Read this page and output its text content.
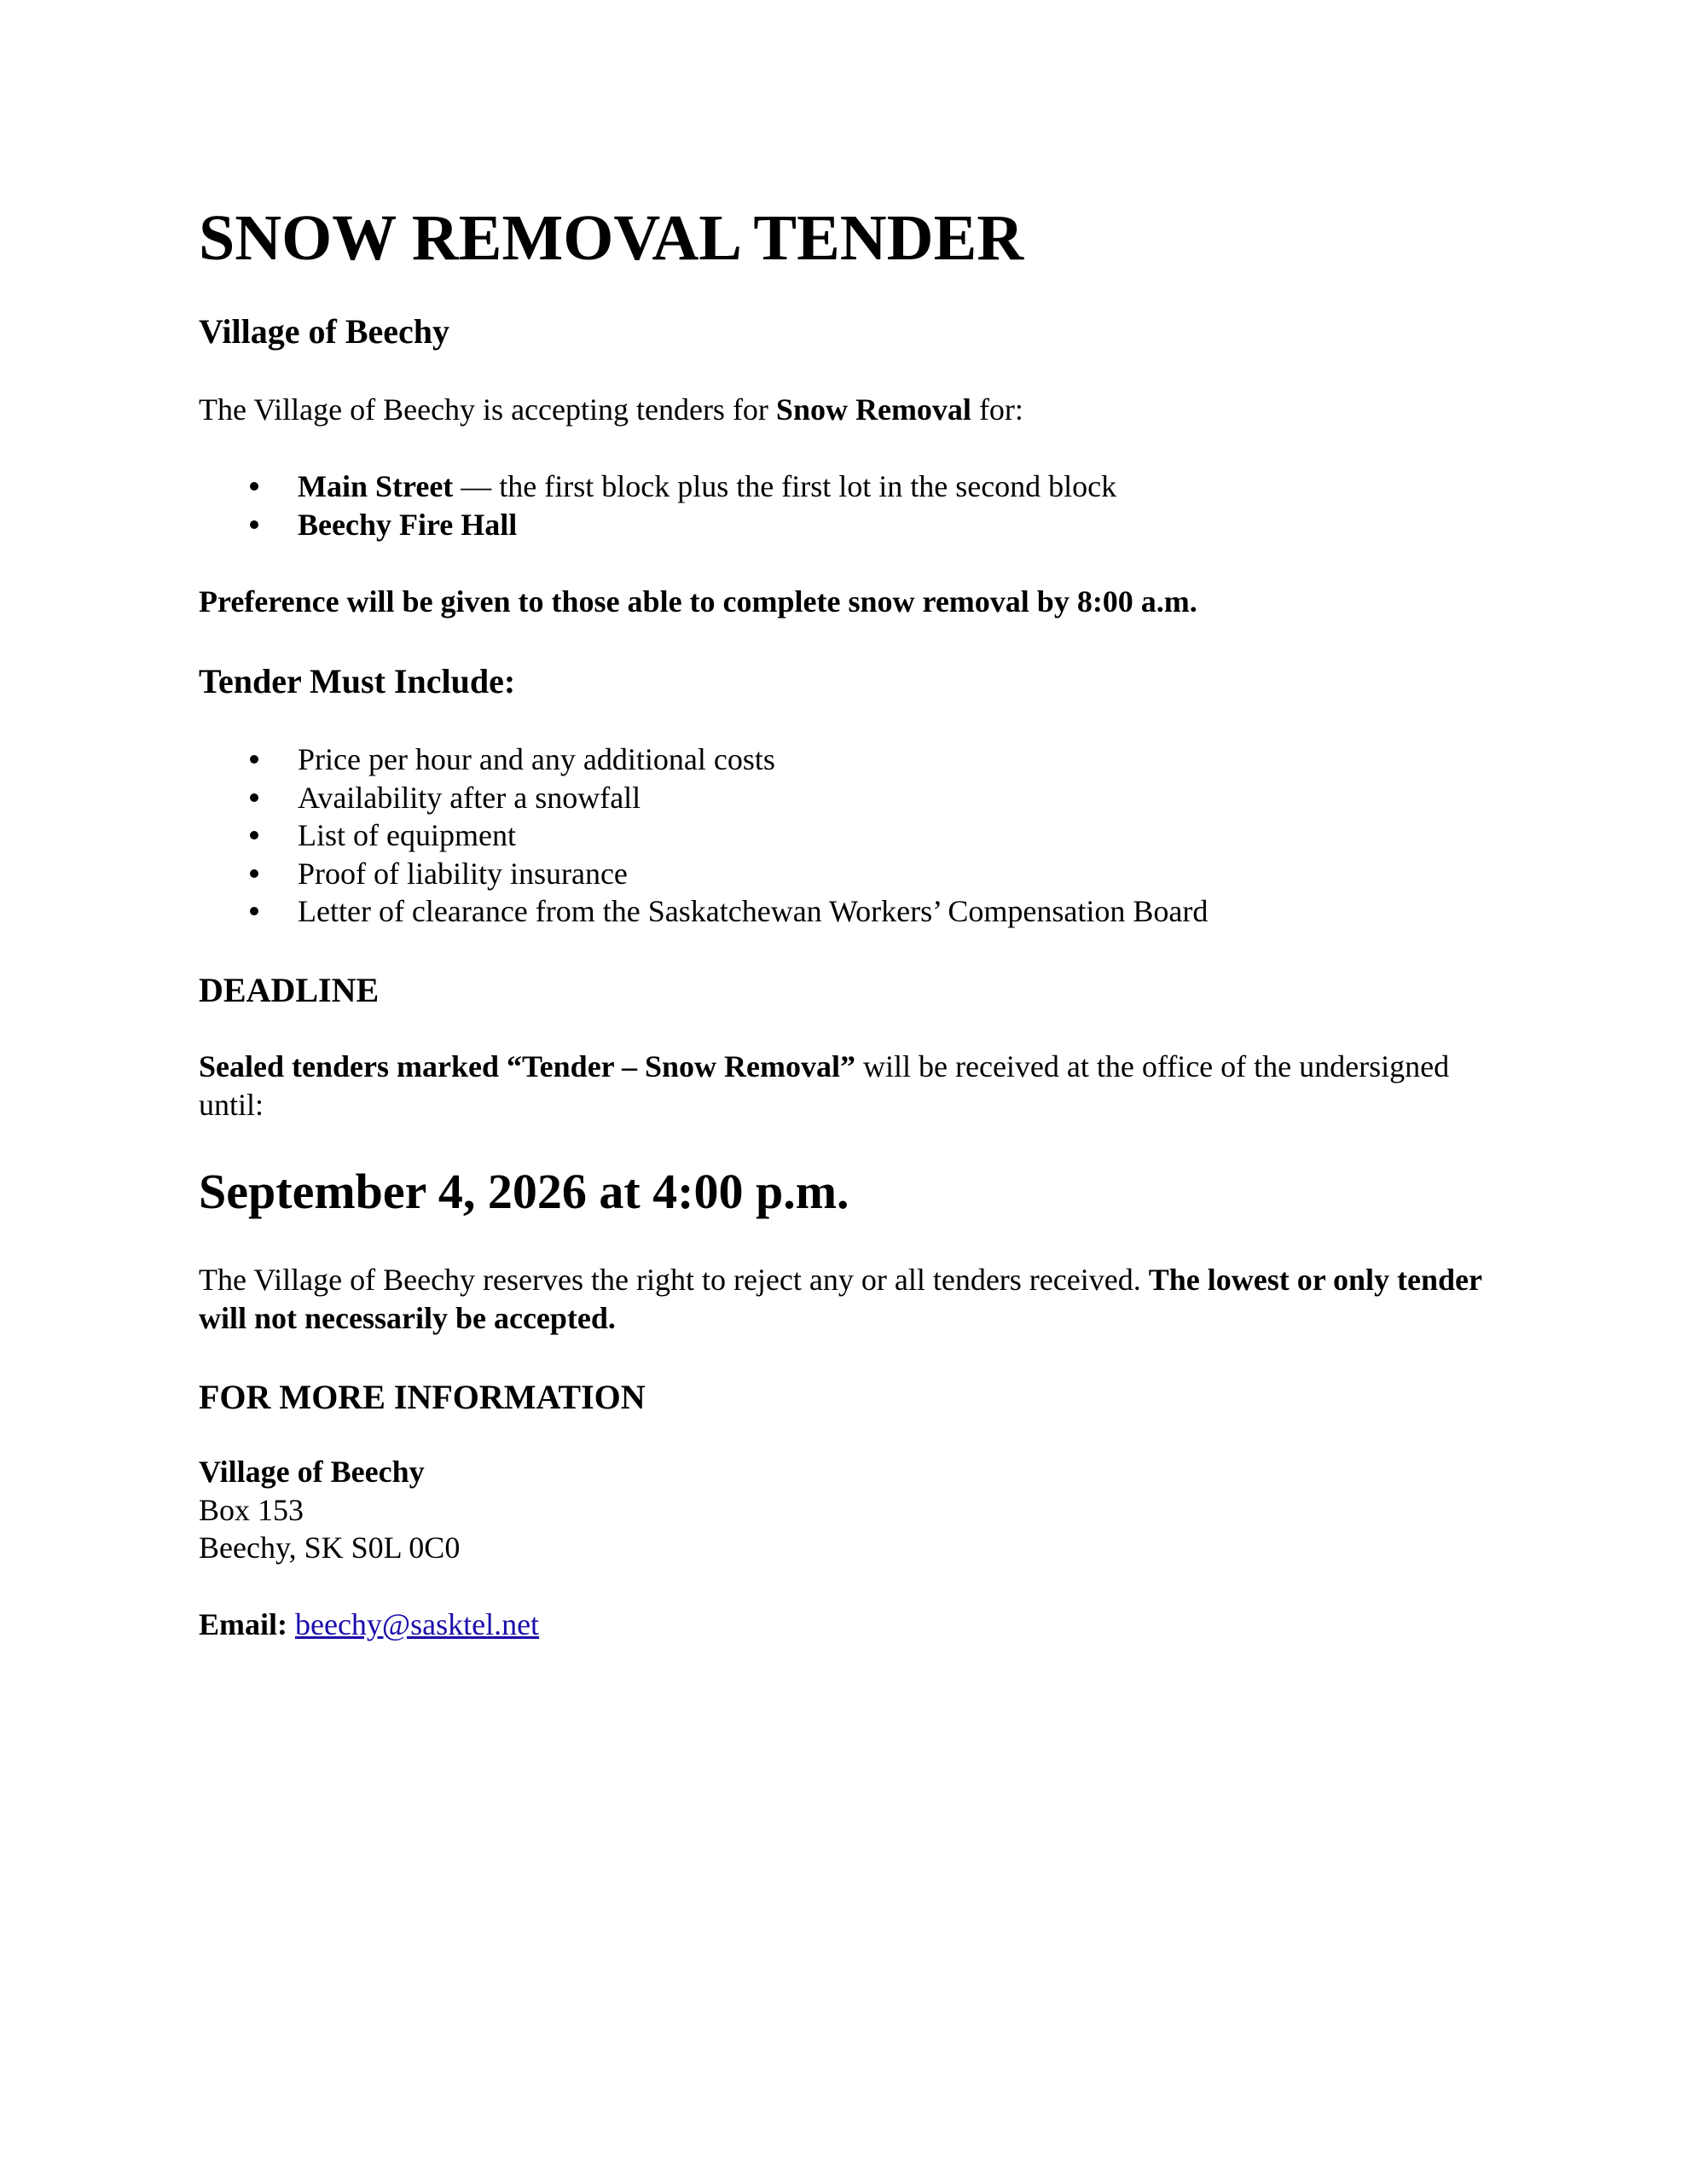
SNOW REMOVAL TENDER
Village of Beechy

The Village of Beechy is accepting tenders for Snow Removal for:

Main Street — the first block plus the first lot in the second block
Beechy Fire Hall

Preference will be given to those able to complete snow removal by 8:00 a.m.

Tender Must Include:
Price per hour and any additional costs
Availability after a snowfall
List of equipment
Proof of liability insurance
Letter of clearance from the Saskatchewan Workers’ Compensation Board
DEADLINE

Sealed tenders marked “Tender – Snow Removal” will be received at the office of the undersigned until:

September 4, 2026 at 4:00 p.m.

The Village of Beechy reserves the right to reject any or all tenders received. The lowest or only tender will not necessarily be accepted.

FOR MORE INFORMATION
Village of Beechy
Box 153
Beechy, SK S0L 0C0

Email: beechy@sasktel.net
